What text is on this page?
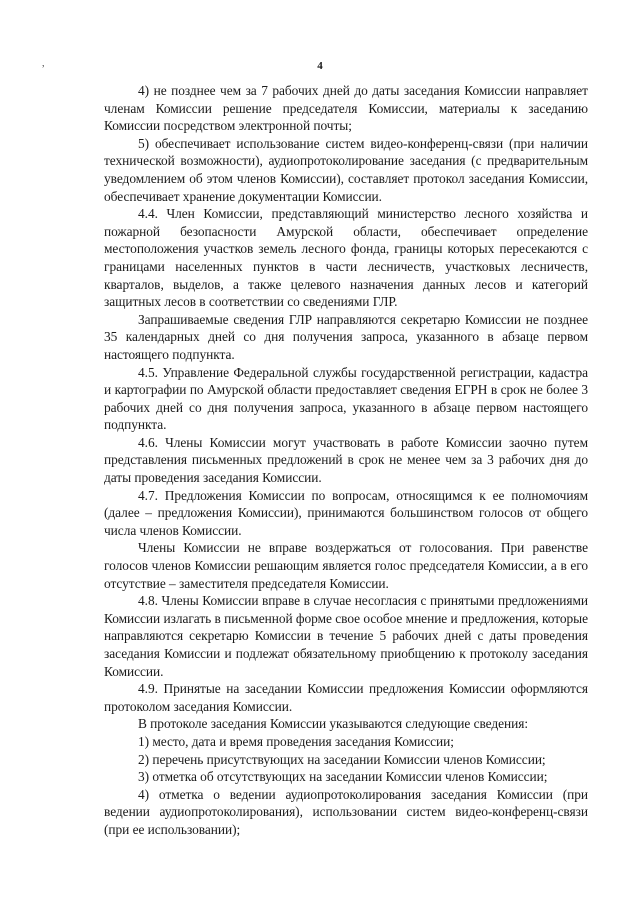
,	4

4) не позднее чем за 7 рабочих дней до даты заседания Комиссии направляет членам Комиссии решение председателя Комиссии, материалы к заседанию Комиссии посредством электронной почты;

5) обеспечивает использование систем видео-конференц-связи (при наличии технической возможности), аудиопротоколирование заседания (с предварительным уведомлением об этом членов Комиссии), составляет протокол заседания Комиссии, обеспечивает хранение документации Комиссии.

4.4. Член Комиссии, представляющий министерство лесного хозяйства и пожарной безопасности Амурской области, обеспечивает определение местоположения участков земель лесного фонда, границы которых пересекаются с границами населенных пунктов в части лесничеств, участковых лесничеств, кварталов, выделов, а также целевого назначения данных лесов и категорий защитных лесов в соответствии со сведениями ГЛР.

Запрашиваемые сведения ГЛР направляются секретарю Комиссии не позднее 35 календарных дней со дня получения запроса, указанного в абзаце первом настоящего подпункта.

4.5. Управление Федеральной службы государственной регистрации, кадастра и картографии по Амурской области предоставляет сведения ЕГРН в срок не более 3 рабочих дней со дня получения запроса, указанного в абзаце первом настоящего подпункта.

4.6. Члены Комиссии могут участвовать в работе Комиссии заочно путем представления письменных предложений в срок не менее чем за 3 рабочих дня до даты проведения заседания Комиссии.

4.7. Предложения Комиссии по вопросам, относящимся к ее полномочиям (далее – предложения Комиссии), принимаются большинством голосов от общего числа членов Комиссии.

Члены Комиссии не вправе воздержаться от голосования. При равенстве голосов членов Комиссии решающим является голос председателя Комиссии, а в его отсутствие – заместителя председателя Комиссии.

4.8. Члены Комиссии вправе в случае несогласия с принятыми предложениями Комиссии излагать в письменной форме свое особое мнение и предложения, которые направляются секретарю Комиссии в течение 5 рабочих дней с даты проведения заседания Комиссии и подлежат обязательному приобщению к протоколу заседания Комиссии.

4.9. Принятые на заседании Комиссии предложения Комиссии оформляются протоколом заседания Комиссии.

В протоколе заседания Комиссии указываются следующие сведения:

1) место, дата и время проведения заседания Комиссии;

2) перечень присутствующих на заседании Комиссии членов Комиссии;

3) отметка об отсутствующих на заседании Комиссии членов Комиссии;

4) отметка о ведении аудиопротоколирования заседания Комиссии (при ведении аудиопротоколирования), использовании систем видео-конференц-связи (при ее использовании);
